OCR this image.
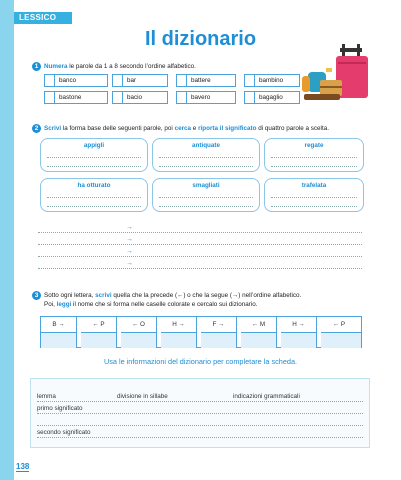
LESSICO
Il dizionario
1 Numera le parole da 1 a 8 secondo l’ordine alfabetico.
banco	bar	battere	bambino
bastone	bacio	bavero	bagaglio
2 Scrivi la forma base delle seguenti parole, poi cerca e riporta il significato di quattro parole a scelta.
appigli	antiquate	regate
ha otturato	smagliati	trafelata
→
→
→
→
3 Sotto ogni lettera, scrivi quella che la precede (←) o che la segue (→) nell’ordine alfabetico.
Poi, leggi il nome che si forma nelle caselle colorate e cercalo sui dizionario.
B →	← P	← O	H →	F →	← M	H →	← P
Usa le informazioni del dizionario per completare la scheda.
lemma	divisione in sillabe	indicazioni grammaticali
primo significato
secondo significato
138
